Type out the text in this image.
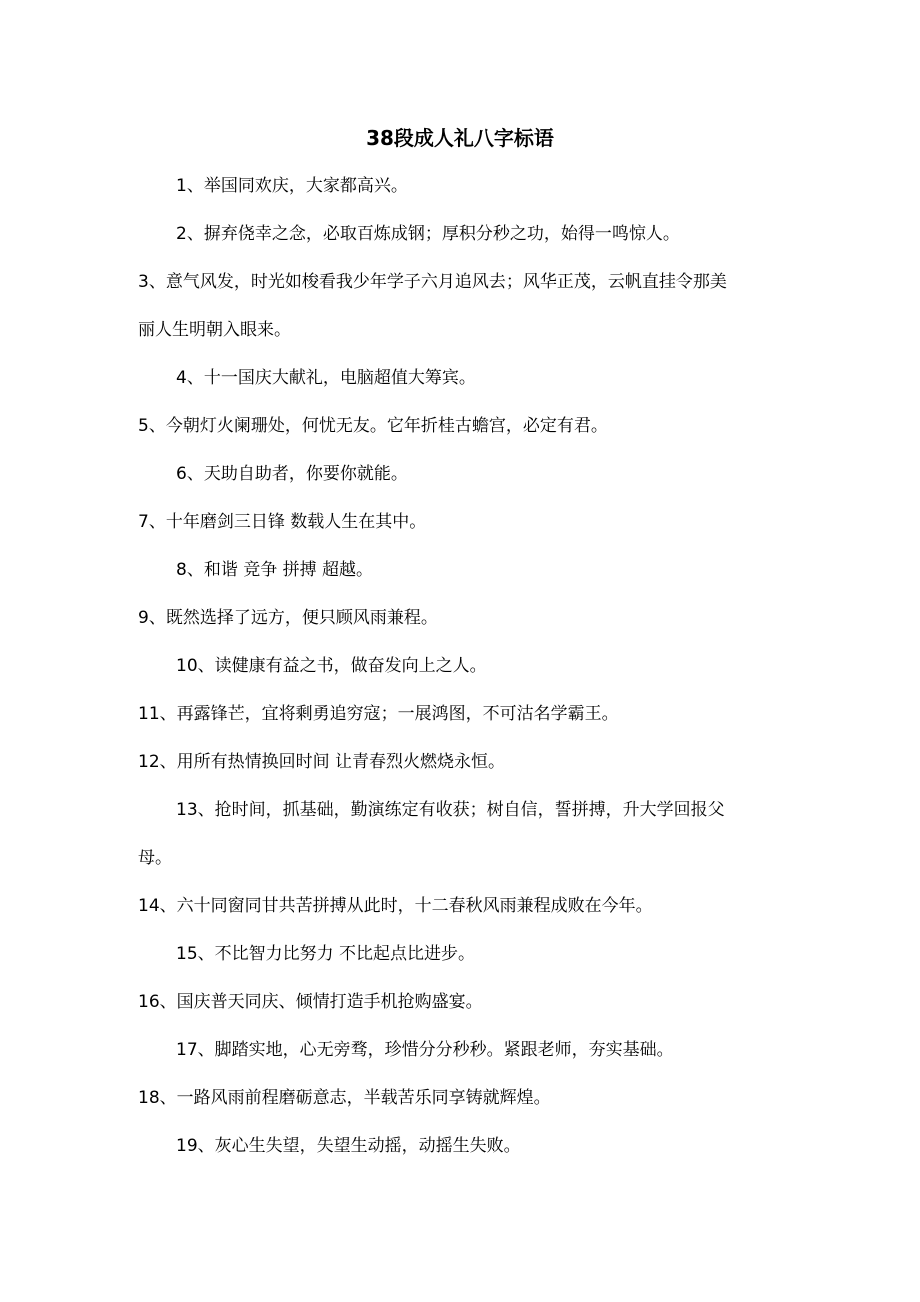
38段成人礼八字标语
1、举国同欢庆，大家都高兴。
2、摒弃侥幸之念，必取百炼成钢；厚积分秒之功，始得一鸣惊人。
3、意气风发，时光如梭看我少年学子六月追风去；风华正茂，云帆直挂令那美
丽人生明朝入眼来。
4、十一国庆大献礼，电脑超值大筹宾。
5、今朝灯火阑珊处，何忧无友。它年折桂古蟾宫，必定有君。
6、天助自助者，你要你就能。
7、十年磨剑三日锋 数载人生在其中。
8、和谐 竞争 拼搏 超越。
9、既然选择了远方，便只顾风雨兼程。
10、读健康有益之书，做奋发向上之人。
11、再露锋芒，宜将剩勇追穷寇；一展鸿图，不可沽名学霸王。
12、用所有热情换回时间 让青春烈火燃烧永恒。
13、抢时间，抓基础，勤演练定有收获；树自信，誓拼搏，升大学回报父
母。
14、六十同窗同甘共苦拼搏从此时，十二春秋风雨兼程成败在今年。
15、不比智力比努力 不比起点比进步。
16、国庆普天同庆、倾情打造手机抢购盛宴。
17、脚踏实地，心无旁骛，珍惜分分秒秒。紧跟老师，夯实基础。
18、一路风雨前程磨砺意志，半载苦乐同享铸就辉煌。
19、灰心生失望，失望生动摇，动摇生失败。
